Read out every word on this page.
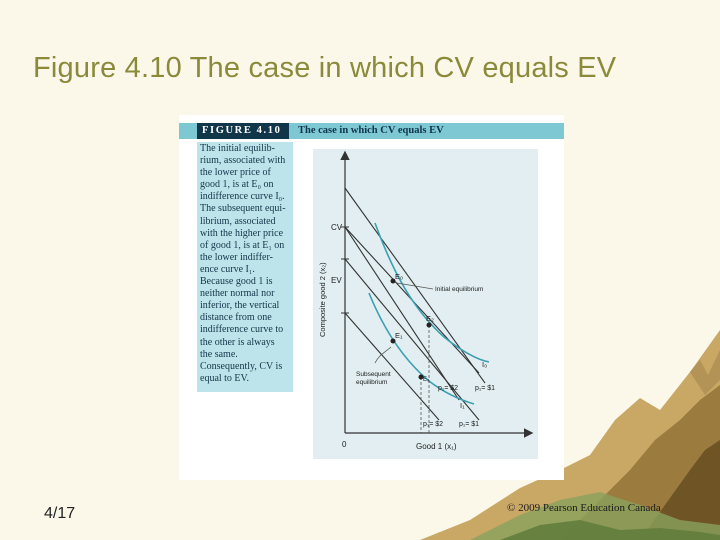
Figure 4.10 The case in which CV equals EV
FIGURE 4.10	The case in which CV equals EV
The initial equilib-
rium, associated with
the lower price of
good 1, is at E₀ on
indifference curve I₀.
The subsequent equi-
librium, associated
with the higher price
of good 1, is at E₁ on
the lower indiffer-
ence curve I₁.
Because good 1 is
neither normal nor
inferior, the vertical
distance from one
indifference curve to
the other is always
the same.
Consequently, CV is
equal to EV.
Composite good 2 (x₂)
Good 1 (x₁)
0
CV
EV	E₀
E₂
E₁
E₃
Initial equilibrium
Subsequent
equilibrium
I₀
I₁
p₁= $2 p₁= $1
p₁= $2 p₁= $1
4/17	© 2009 Pearson Education Canada
